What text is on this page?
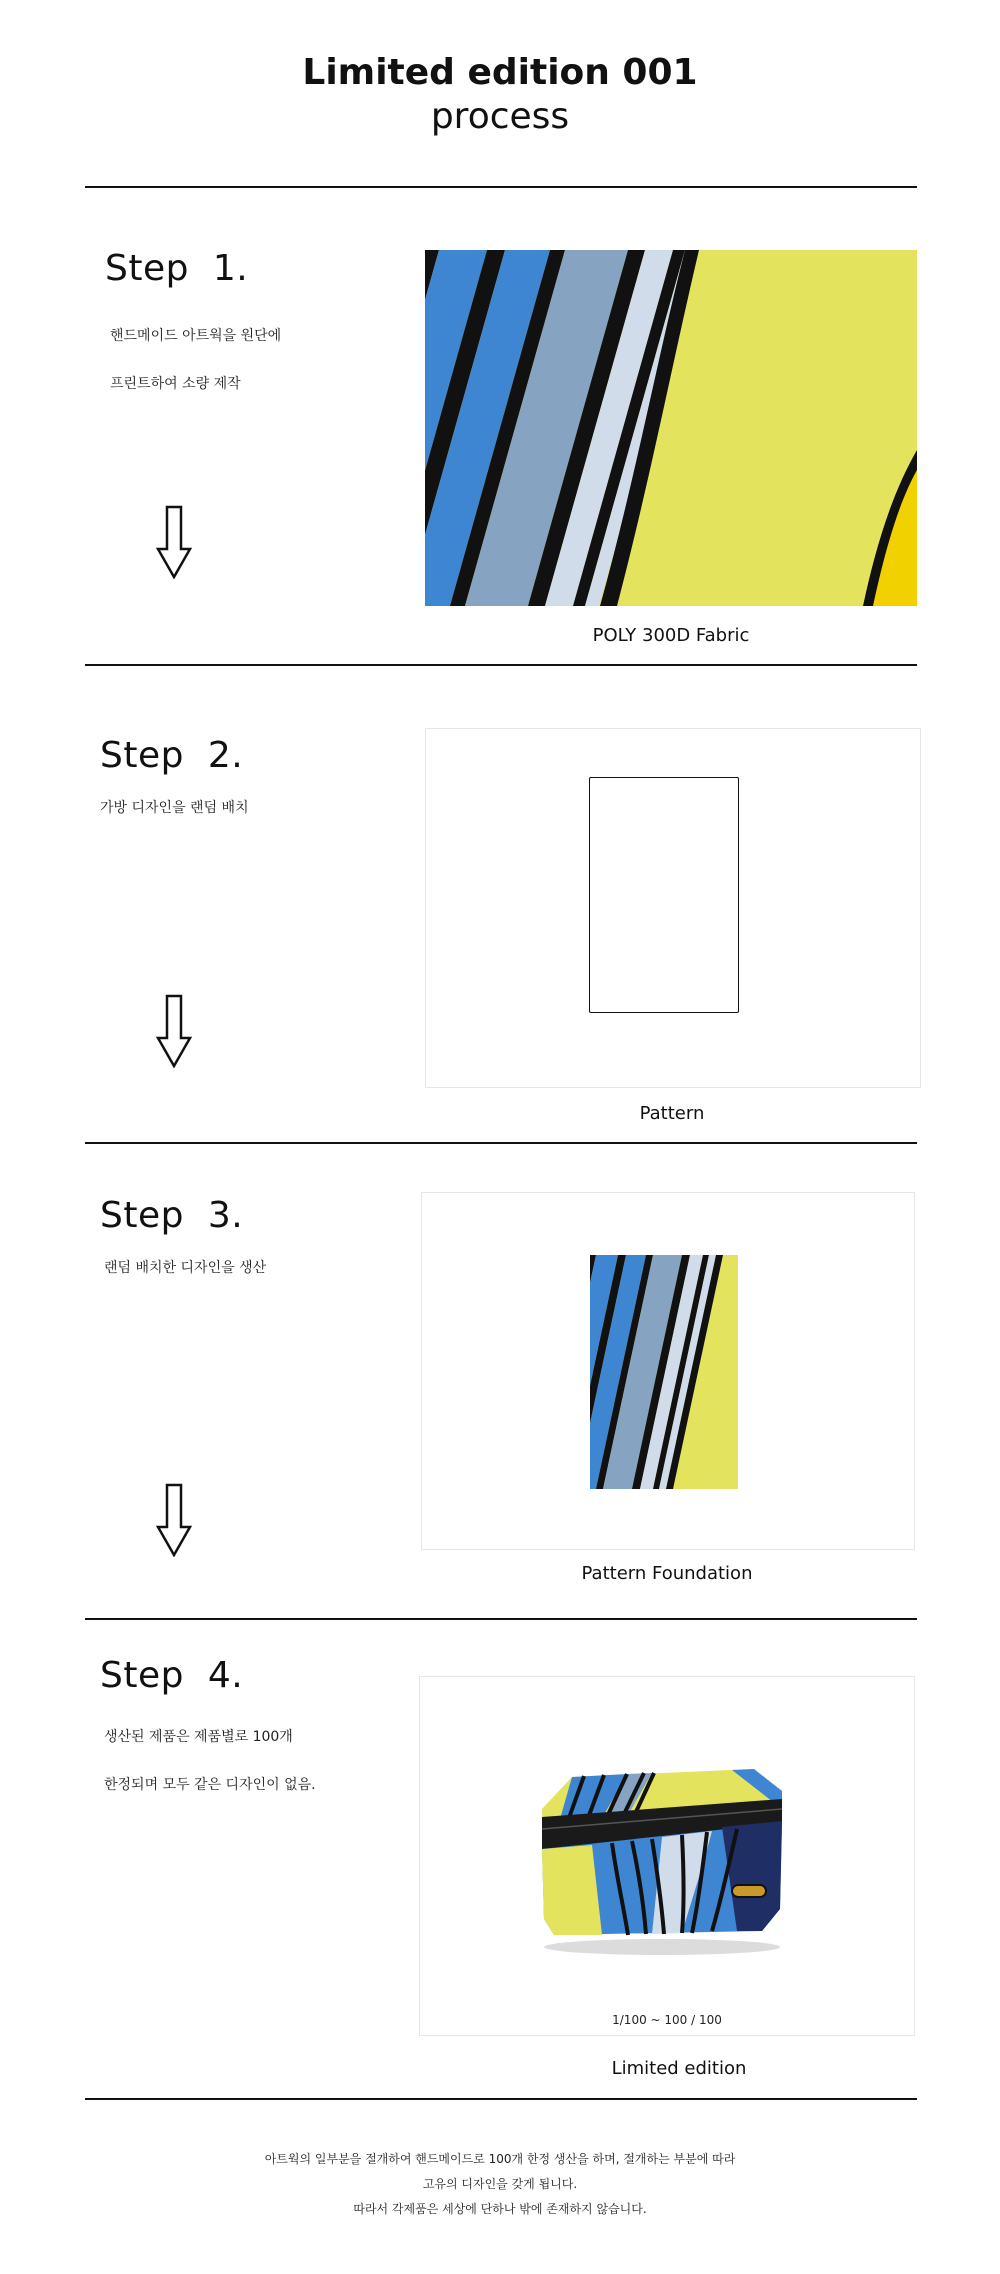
Limited edition 001
process
Step  1.
핸드메이드 아트웍을 원단에
프린트하여 소량 제작
POLY 300D Fabric
Step  2.
가방 디자인을 랜덤 배치
Pattern
Step  3.
랜덤 배치한 디자인을 생산
Pattern Foundation
Step  4.
생산된 제품은 제품별로 100개
한정되며 모두 같은 디자인이 없음.
1/100 ~ 100 / 100
Limited edition
아트웍의 일부분을 절개하여 핸드메이드로 100개 한정 생산을 하며, 절개하는 부분에 따라
고유의 디자인을 갖게 됩니다.
따라서 각제품은 세상에 단하나 밖에 존재하지 않습니다.
